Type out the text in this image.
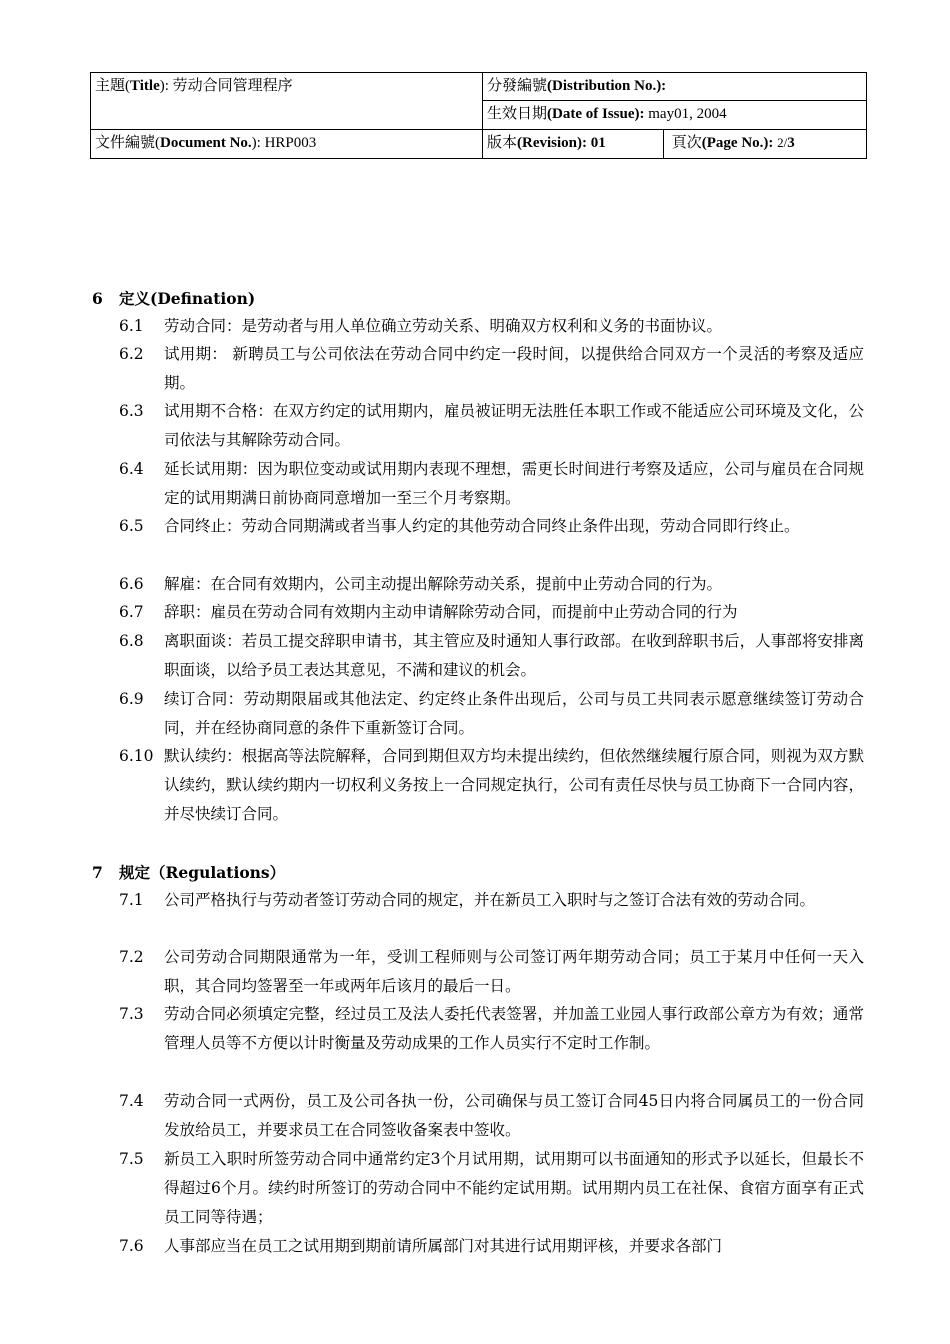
主題(Title): 劳动合同管理程序	分發編號(Distribution No.):	
	生效日期(Date of Issue): may01, 2004	
文件編號(Document No.): HRP003	版本(Revision): 01	頁次(Page No.): 2/3
6 定义(Defination)
6.1 劳动合同：是劳动者与用人单位确立劳动关系、明确双方权利和义务的书面协议。
6.2 试用期： 新聘员工与公司依法在劳动合同中约定一段时间，以提供给合同双方一个灵活的考察及适应期。
6.3 试用期不合格：在双方约定的试用期内，雇员被证明无法胜任本职工作或不能适应公司环境及文化，公司依法与其解除劳动合同。
6.4 延长试用期：因为职位变动或试用期内表现不理想，需更长时间进行考察及适应，公司与雇员在合同规定的试用期满日前协商同意增加一至三个月考察期。
6.5 合同终止：劳动合同期满或者当事人约定的其他劳动合同终止条件出现，劳动合同即行终止。
6.6 解雇：在合同有效期内，公司主动提出解除劳动关系，提前中止劳动合同的行为。
6.7 辞职：雇员在劳动合同有效期内主动申请解除劳动合同，而提前中止劳动合同的行为
6.8 离职面谈：若员工提交辞职申请书，其主管应及时通知人事行政部。在收到辞职书后，人事部将安排离职面谈，以给予员工表达其意见，不满和建议的机会。
6.9 续订合同：劳动期限届或其他法定、约定终止条件出现后，公司与员工共同表示愿意继续签订劳动合同，并在经协商同意的条件下重新签订合同。
6.10 默认续约：根据高等法院解释，合同到期但双方均未提出续约，但依然继续履行原合同，则视为双方默认续约，默认续约期内一切权利义务按上一合同规定执行，公司有责任尽快与员工协商下一合同内容，并尽快续订合同。
7 规定（Regulations）
7.1 公司严格执行与劳动者签订劳动合同的规定，并在新员工入职时与之签订合法有效的劳动合同。
7.2 公司劳动合同期限通常为一年，受训工程师则与公司签订两年期劳动合同；员工于某月中任何一天入职，其合同均签署至一年或两年后该月的最后一日。
7.3 劳动合同必须填定完整，经过员工及法人委托代表签署，并加盖工业园人事行政部公章方为有效；通常管理人员等不方便以计时衡量及劳动成果的工作人员实行不定时工作制。
7.4 劳动合同一式两份，员工及公司各执一份，公司确保与员工签订合同45日内将合同属员工的一份合同发放给员工，并要求员工在合同签收备案表中签收。
7.5 新员工入职时所签劳动合同中通常约定3个月试用期，试用期可以书面通知的形式予以延长，但最长不得超过6个月。续约时所签订的劳动合同中不能约定试用期。试用期内员工在社保、食宿方面享有正式员工同等待遇；
7.6 人事部应当在员工之试用期到期前请所属部门对其进行试用期评核，并要求各部门
